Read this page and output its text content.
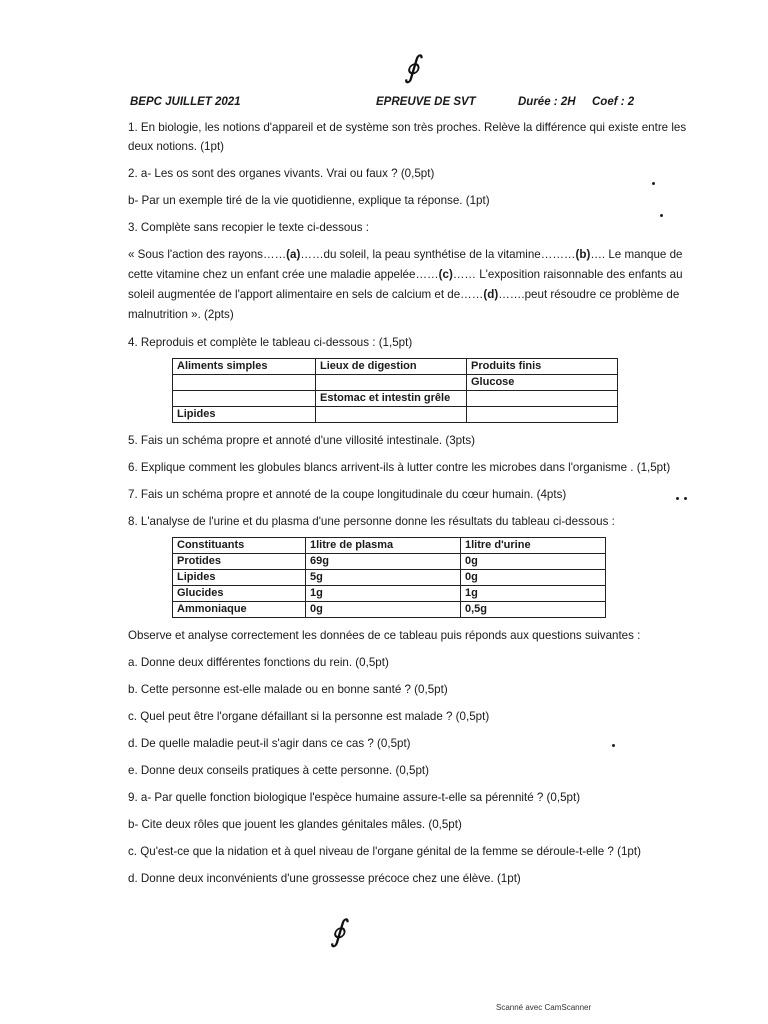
∮
BEPC JUILLET 2021	EPREUVE DE SVT	Durée : 2H Coef : 2

1. En biologie, les notions d'appareil et de système son très proches. Relève la différence qui existe entre les deux notions. (1pt)

2. a- Les os sont des organes vivants. Vrai ou faux ? (0,5pt)

b- Par un exemple tiré de la vie quotidienne, explique ta réponse. (1pt)

3. Complète sans recopier le texte ci-dessous :

« Sous l'action des rayons……(a)……du soleil, la peau synthétise de la vitamine………(b)…. Le manque de cette vitamine chez un enfant crée une maladie appelée……(c)…… L'exposition raisonnable des enfants au soleil augmentée de l'apport alimentaire en sels de calcium et de……(d)…….peut résoudre ce problème de malnutrition ». (2pts)

4. Reproduis et complète le tableau ci-dessous : (1,5pt)

Aliments simples	Lieux de digestion	Produits finis
		Glucose
	Estomac et intestin grêle	
Lipides		

5. Fais un schéma propre et annoté d'une villosité intestinale. (3pts)

6. Explique comment les globules blancs arrivent-ils à lutter contre les microbes dans l'organisme . (1,5pt)

7. Fais un schéma propre et annoté de la coupe longitudinale du cœur humain. (4pts)

8. L'analyse de l'urine et du plasma d'une personne donne les résultats du tableau ci-dessous :

Constituants	1litre de plasma	1litre d'urine
Protides	69g	0g
Lipides	5g	0g
Glucides	1g	1g
Ammoniaque	0g	0,5g

Observe et analyse correctement les données de ce tableau puis réponds aux questions suivantes :

a. Donne deux différentes fonctions du rein. (0,5pt)

b. Cette personne est-elle malade ou en bonne santé ? (0,5pt)

c. Quel peut être l'organe défaillant si la personne est malade ? (0,5pt)

d. De quelle maladie peut-il s'agir dans ce cas ? (0,5pt)

e. Donne deux conseils pratiques à cette personne. (0,5pt)

9. a- Par quelle fonction biologique l'espèce humaine assure-t-elle sa pérennité ? (0,5pt)

b- Cite deux rôles que jouent les glandes génitales mâles. (0,5pt)

c. Qu'est-ce que la nidation et à quel niveau de l'organe génital de la femme se déroule-t-elle ? (1pt)

d. Donne deux inconvénients d'une grossesse précoce chez une élève. (1pt)

∮
Scanné avec CamScanner
